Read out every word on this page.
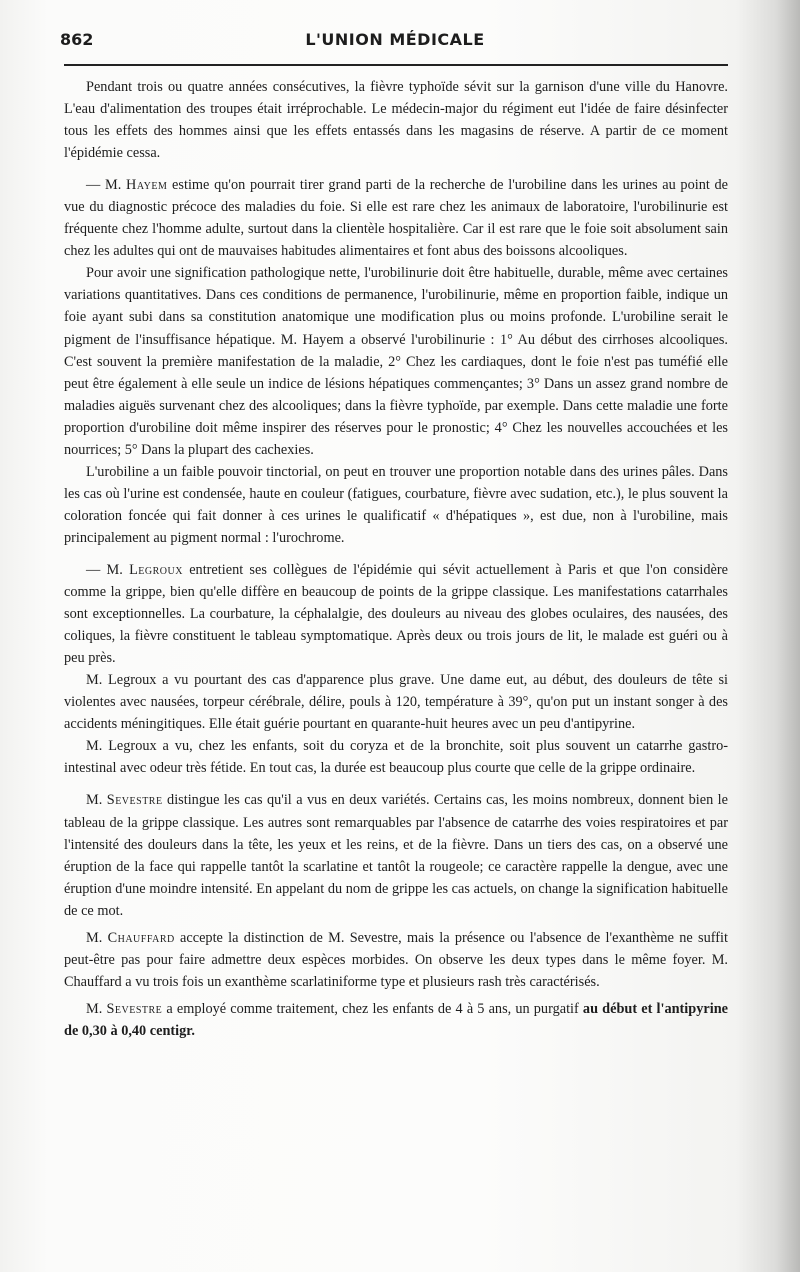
862	L'UNION MÉDICALE

Pendant trois ou quatre années consécutives, la fièvre typhoïde sévit sur la garnison d'une ville du Hanovre. L'eau d'alimentation des troupes était irréprochable. Le médecin-major du régiment eut l'idée de faire désinfecter tous les effets des hommes ainsi que les effets entassés dans les magasins de réserve. A partir de ce moment l'épidémie cessa.

— M. Hayem estime qu'on pourrait tirer grand parti de la recherche de l'urobiline dans les urines au point de vue du diagnostic précoce des maladies du foie. Si elle est rare chez les animaux de laboratoire, l'urobilinurie est fréquente chez l'homme adulte, surtout dans la clientèle hospitalière. Car il est rare que le foie soit absolument sain chez les adultes qui ont de mauvaises habitudes alimentaires et font abus des boissons alcooliques.

Pour avoir une signification pathologique nette, l'urobilinurie doit être habituelle, durable, même avec certaines variations quantitatives. Dans ces conditions de permanence, l'urobilinurie, même en proportion faible, indique un foie ayant subi dans sa constitution anatomique une modification plus ou moins profonde. L'urobiline serait le pigment de l'insuffisance hépatique. M. Hayem a observé l'urobilinurie : 1° Au début des cirrhoses alcooliques. C'est souvent la première manifestation de la maladie, 2° Chez les cardiaques, dont le foie n'est pas tuméfié elle peut être également à elle seule un indice de lésions hépatiques commençantes; 3° Dans un assez grand nombre de maladies aiguës survenant chez des alcooliques; dans la fièvre typhoïde, par exemple. Dans cette maladie une forte proportion d'urobiline doit même inspirer des réserves pour le pronostic; 4° Chez les nouvelles accouchées et les nourrices; 5° Dans la plupart des cachexies.

L'urobiline a un faible pouvoir tinctorial, on peut en trouver une proportion notable dans des urines pâles. Dans les cas où l'urine est condensée, haute en couleur (fatigues, courbature, fièvre avec sudation, etc.), le plus souvent la coloration foncée qui fait donner à ces urines le qualificatif « d'hépatiques », est due, non à l'urobiline, mais principalement au pigment normal : l'urochrome.

— M. Legroux entretient ses collègues de l'épidémie qui sévit actuellement à Paris et que l'on considère comme la grippe, bien qu'elle diffère en beaucoup de points de la grippe classique. Les manifestations catarrhales sont exceptionnelles. La courbature, la céphalalgie, des douleurs au niveau des globes oculaires, des nausées, des coliques, la fièvre constituent le tableau symptomatique. Après deux ou trois jours de lit, le malade est guéri ou à peu près.

M. Legroux a vu pourtant des cas d'apparence plus grave. Une dame eut, au début, des douleurs de tête si violentes avec nausées, torpeur cérébrale, délire, pouls à 120, température à 39°, qu'on put un instant songer à des accidents méningitiques. Elle était guérie pourtant en quarante-huit heures avec un peu d'antipyrine.

M. Legroux a vu, chez les enfants, soit du coryza et de la bronchite, soit plus souvent un catarrhe gastro-intestinal avec odeur très fétide. En tout cas, la durée est beaucoup plus courte que celle de la grippe ordinaire.

M. Sevestre distingue les cas qu'il a vus en deux variétés. Certains cas, les moins nombreux, donnent bien le tableau de la grippe classique. Les autres sont remarquables par l'absence de catarrhe des voies respiratoires et par l'intensité des douleurs dans la tête, les yeux et les reins, et de la fièvre. Dans un tiers des cas, on a observé une éruption de la face qui rappelle tantôt la scarlatine et tantôt la rougeole; ce caractère rappelle la dengue, avec une éruption d'une moindre intensité. En appelant du nom de grippe les cas actuels, on change la signification habituelle de ce mot.

M. Chauffard accepte la distinction de M. Sevestre, mais la présence ou l'absence de l'exanthème ne suffit peut-être pas pour faire admettre deux espèces morbides. On observe les deux types dans le même foyer. M. Chauffard a vu trois fois un exanthème scarlatiniforme type et plusieurs rash très caractérisés.

M. Sevestre a employé comme traitement, chez les enfants de 4 à 5 ans, un purgatif au début et l'antipyrine de 0,30 à 0,40 centigr.
